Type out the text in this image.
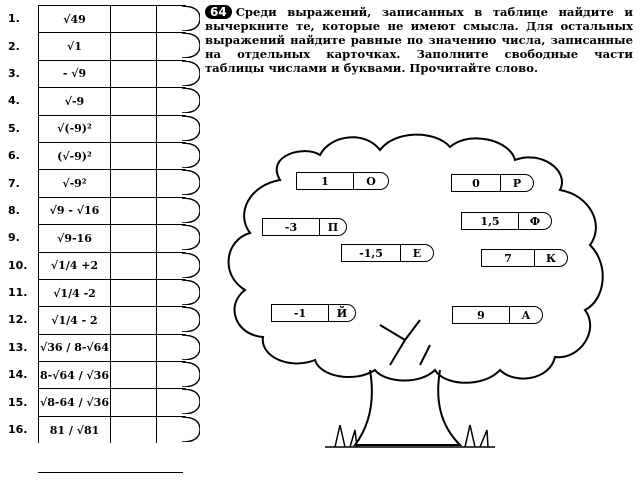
1.	√49
2.	√1
3.	- √9
4.	√-9
5.	√(-9)²
6.	(√-9)²
7.	√-9²
8.	√9 - √16
9.	√9-16
10.	√1/4 +2
11.	√1/4 -2
12.	√1/4 - 2
13.	√36 / 8-√64
14.	8-√64 / √36
15.	√8-64 / √36
16.	81 / √81
64 Среди выражений, записанных в таблице найдите и вычеркните те, которые не имеют смысла. Для остальных выражений найдите равные по значению числа, записанные на отдельных карточках. Заполните свободные части таблицы числами и буквами. Прочитайте слово.
1	О	0	Р
-3	П	1,5	Ф
-1,5	Е	7	К
-1	Й	9	А
